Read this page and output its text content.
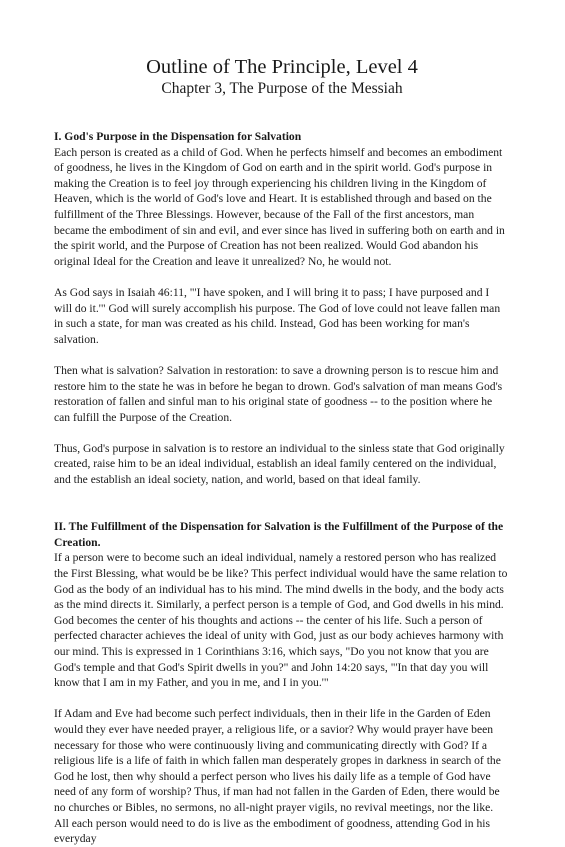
Outline of The Principle, Level 4
Chapter 3, The Purpose of the Messiah

I. God's Purpose in the Dispensation for Salvation

Each person is created as a child of God. When he perfects himself and becomes an embodiment of goodness, he lives in the Kingdom of God on earth and in the spirit world. God's purpose in making the Creation is to feel joy through experiencing his children living in the Kingdom of Heaven, which is the world of God's love and Heart. It is established through and based on the fulfillment of the Three Blessings. However, because of the Fall of the first ancestors, man became the embodiment of sin and evil, and ever since has lived in suffering both on earth and in the spirit world, and the Purpose of Creation has not been realized. Would God abandon his original Ideal for the Creation and leave it unrealized? No, he would not.

As God says in Isaiah 46:11, "'I have spoken, and I will bring it to pass; I have purposed and I will do it.'" God will surely accomplish his purpose. The God of love could not leave fallen man in such a state, for man was created as his child. Instead, God has been working for man's salvation.

Then what is salvation? Salvation in restoration: to save a drowning person is to rescue him and restore him to the state he was in before he began to drown. God's salvation of man means God's restoration of fallen and sinful man to his original state of goodness -- to the position where he can fulfill the Purpose of the Creation.

Thus, God's purpose in salvation is to restore an individual to the sinless state that God originally created, raise him to be an ideal individual, establish an ideal family centered on the individual, and the establish an ideal society, nation, and world, based on that ideal family.

II. The Fulfillment of the Dispensation for Salvation is the Fulfillment of the Purpose of the Creation.

If a person were to become such an ideal individual, namely a restored person who has realized the First Blessing, what would be be like? This perfect individual would have the same relation to God as the body of an individual has to his mind. The mind dwells in the body, and the body acts as the mind directs it. Similarly, a perfect person is a temple of God, and God dwells in his mind. God becomes the center of his thoughts and actions -- the center of his life. Such a person of perfected character achieves the ideal of unity with God, just as our body achieves harmony with our mind. This is expressed in 1 Corinthians 3:16, which says, "Do you not know that you are God's temple and that God's Spirit dwells in you?" and John 14:20 says, "'In that day you will know that I am in my Father, and you in me, and I in you.'"

If Adam and Eve had become such perfect individuals, then in their life in the Garden of Eden would they ever have needed prayer, a religious life, or a savior? Why would prayer have been necessary for those who were continuously living and communicating directly with God? If a religious life is a life of faith in which fallen man desperately gropes in darkness in search of the God he lost, then why should a perfect person who lives his daily life as a temple of God have need of any form of worship? Thus, if man had not fallen in the Garden of Eden, there would be no churches or Bibles, no sermons, no all-night prayer vigils, no revival meetings, nor the like. All each person would need to do is live as the embodiment of goodness, attending God in his everyday
